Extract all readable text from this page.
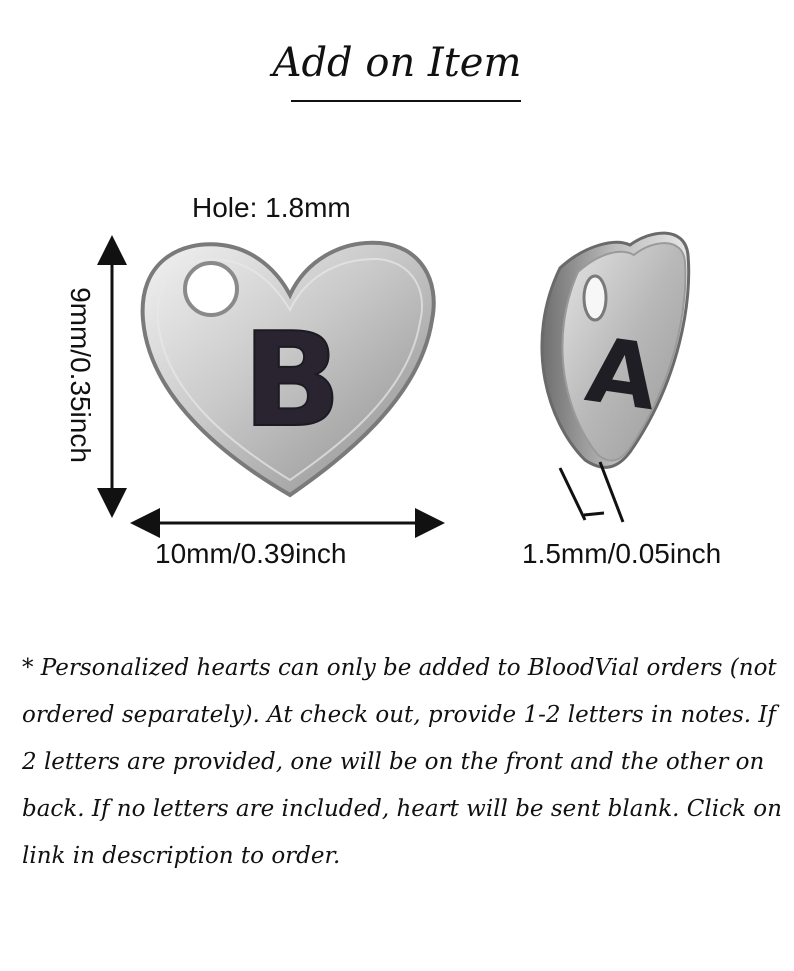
Add on Item
B	A
Hole: 1.8mm
9mm/0.35inch
10mm/0.39inch	1.5mm/0.05inch
* Personalized hearts can only be added to BloodVial orders (not ordered separately). At check out, provide 1-2 letters in notes. If 2 letters are provided, one will be on the front and the other on back. If no letters are included, heart will be sent blank. Click on link in description to order.
